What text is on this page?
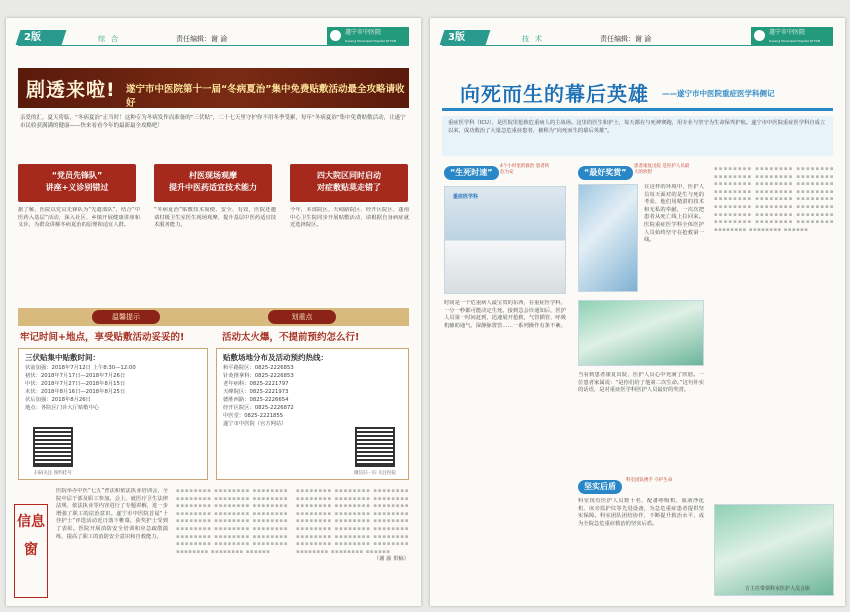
2版	综合	责任编辑：谢 渝
遂宁市中医院
Suining Municipal Hospital Of TCM
剧透来啦! 遂宁市中医院第十一届“冬病夏治”集中免费贴敷活动最全攻略请收好
亲爱的汇，夏天将临，“冬病夏治”正当时！这种专为冬病发作而准备的“三伏贴”，二十七天里守护你不用冬季受累，每年“冬病夏治”集中免费贴敷活动，让遂宁市民收获满满的健康——快来看看今年的最新最全攻略吧！
“党员先锋队”
讲座+义诊别错过
村医现场观摩
提升中医药适宜技术能力
四大院区同时启动
对症敷贴莫走错了
据了解，医院以党员先锋队为“先遣部队”，结合“中医药入基层”活动，深入社区、乡镇开展健康讲座和义诊，为群众讲解冬病夏治的原理和适宜人群。
“冬病夏治”贴敷技术简便、安全、有效，医院还邀请村级卫生室医生现场观摩，提升基层中医药适宜技术服务能力。
今年，本部院区、天崎路院区、经开区院区、蓬南中心卫生院同步开展贴敷活动，请根据自身病症就近选择院区。
温馨提示	划重点
牢记时间+地点，享受贴敷活动妥妥的!	活动太火爆，不提前预约怎么行!
三伏贴集中贴敷时间：
伏前加强：2018年7月12日 上午8:30—12:00
初伏：2018年7月17日—2018年7月26日
中伏：2018年7月27日—2018年8月15日
末伏：2018年8月16日—2018年8月25日
伏后加强：2018年8月26日
地点：各院区门诊大厅贴敷中心
扫码关注 预约挂号
贴敷场地分布及活动预约热线：
和平路院区：0825-2226853
针灸推拿科：0825-2226853
老年病科：0825-2221797
天峰院区：0825-2221973
德胜西路：0825-2226654
经开区院区：0825-2226872
中医堂：0825-2221855
遂宁市中医院（官方网站）
微信扫一扫 关注医院
信息窗
医院举办中医“七五”普法和依法执业培训会，全院中层干部及职工参加。会上，就医疗卫生法律法规、依法执业等内容进行了专题讲解，进一步增强了职工的法治意识。遂宁市中医院首届“十佳护士”评选活动近日落下帷幕，获奖护士受到了表彰。医院开展消防安全培训和应急疏散演练，提高了职工的消防安全意识和自救能力。
▪▪▪▪▪▪▪▪ ▪▪▪▪▪▪▪▪ ▪▪▪▪▪▪▪▪ ▪▪▪▪▪▪▪▪ ▪▪▪▪▪▪▪▪ ▪▪▪▪▪▪▪▪ ▪▪▪▪▪▪▪▪ ▪▪▪▪▪▪▪▪ ▪▪▪▪▪▪▪▪ ▪▪▪▪▪▪▪▪ ▪▪▪▪▪▪▪▪ ▪▪▪▪▪▪▪▪ ▪▪▪▪▪▪▪▪ ▪▪▪▪▪▪▪▪ ▪▪▪▪▪▪▪▪ ▪▪▪▪▪▪▪▪ ▪▪▪▪▪▪▪▪ ▪▪▪▪▪▪▪▪ ▪▪▪▪▪▪▪▪ ▪▪▪▪▪▪▪▪ ▪▪▪▪▪▪▪▪ ▪▪▪▪▪▪▪▪ ▪▪▪▪▪▪▪▪ ▪▪▪▪▪▪▪▪ ▪▪▪▪▪▪▪▪ ▪▪▪▪▪▪▪▪ ▪▪▪▪▪▪
▪▪▪▪▪▪▪▪ ▪▪▪▪▪▪▪▪ ▪▪▪▪▪▪▪▪ ▪▪▪▪▪▪▪▪ ▪▪▪▪▪▪▪▪ ▪▪▪▪▪▪▪▪ ▪▪▪▪▪▪▪▪ ▪▪▪▪▪▪▪▪ ▪▪▪▪▪▪▪▪ ▪▪▪▪▪▪▪▪ ▪▪▪▪▪▪▪▪ ▪▪▪▪▪▪▪▪ ▪▪▪▪▪▪▪▪ ▪▪▪▪▪▪▪▪ ▪▪▪▪▪▪▪▪ ▪▪▪▪▪▪▪▪ ▪▪▪▪▪▪▪▪ ▪▪▪▪▪▪▪▪ ▪▪▪▪▪▪▪▪ ▪▪▪▪▪▪▪▪ ▪▪▪▪▪▪▪▪ ▪▪▪▪▪▪▪▪ ▪▪▪▪▪▪▪▪ ▪▪▪▪▪▪▪▪ ▪▪▪▪▪▪▪▪ ▪▪▪▪▪▪▪▪ ▪▪▪▪▪▪
（谢 渝 供稿）
3版	技术	责任编辑：谢 渝
遂宁市中医院
Suining Municipal Hospital Of TCM
向死而生的幕后英雄 ——遂宁市中医院重症医学科侧记
重症医学科（ICU），是医院里抢救危重病人的主战场。这里的医生和护士，每天都在与死神赛跑，用专业与坚守为生命保驾护航。遂宁市中医院重症医学科自成立以来，成功救治了大量急危重症患者，被称为“向死而生的幕后英雄”。
“生死时速”
4个小时里的救治 患者转危为安	“最好奖赏”
患者康复出院 是医护人员最大的欣慰
重症医学科
时间是一个危重病人最宝贵的东西，在重症医学科，一分一秒都可能决定生死。接到急会诊通知后，医护人员第一时间赶到，迅速展开抢救，气管插管、呼吸机辅助通气、深静脉置管……一系列操作有条不紊。
在这样的环境中，医护人员每天面对的是生与死的考验，他们用精湛的技术和无私的奉献，一次次把患者从死亡线上拉回来。医院重症医学科全体医护人员始终坚守在抢救第一线。
当看到患者康复出院，医护人员心中充满了欣慰。一位患者家属说：“是你们给了他第二次生命。”这句朴实的话语，是对重症医学科医护人员最好的奖赏。
坚实后盾
科室团队携手 守护生命
科室现有医护人员数十名，配备呼吸机、血液净化机、床旁监护仪等先进设备，为急危重症患者提供坚实保障。科室团队团结协作，不断提升救治水平，成为全院急危重症救治的坚实后盾。
▪▪▪▪▪▪▪▪ ▪▪▪▪▪▪▪▪ ▪▪▪▪▪▪▪▪ ▪▪▪▪▪▪▪▪ ▪▪▪▪▪▪▪▪ ▪▪▪▪▪▪▪▪ ▪▪▪▪▪▪▪▪ ▪▪▪▪▪▪▪▪ ▪▪▪▪▪▪▪▪ ▪▪▪▪▪▪▪▪ ▪▪▪▪▪▪▪▪ ▪▪▪▪▪▪▪▪ ▪▪▪▪▪▪▪▪ ▪▪▪▪▪▪▪▪ ▪▪▪▪▪▪▪▪ ▪▪▪▪▪▪▪▪ ▪▪▪▪▪▪▪▪ ▪▪▪▪▪▪▪▪ ▪▪▪▪▪▪▪▪ ▪▪▪▪▪▪▪▪ ▪▪▪▪▪▪▪▪ ▪▪▪▪▪▪▪▪ ▪▪▪▪▪▪▪▪ ▪▪▪▪▪▪▪▪ ▪▪▪▪▪▪▪▪ ▪▪▪▪▪▪▪▪ ▪▪▪▪▪▪
方主任带领科室医护人员合影
